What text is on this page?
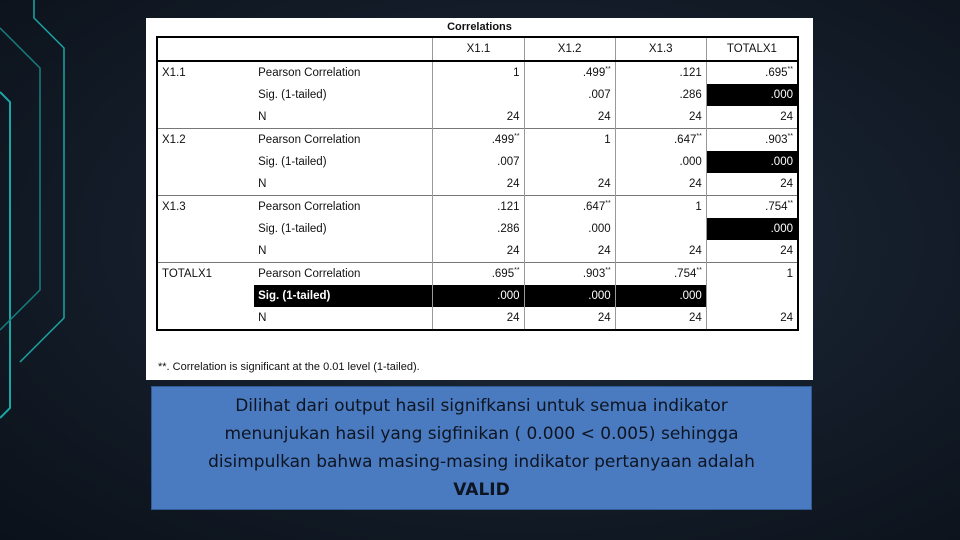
Correlations
		X1.1	X1.2	X1.3	TOTALX1
X1.1	Pearson Correlation	1	.499**	.121	.695**
	Sig. (1-tailed)		.007	.286	.000
	N	24	24	24	24
X1.2	Pearson Correlation	.499**	1	.647**	.903**
	Sig. (1-tailed)	.007		.000	.000
	N	24	24	24	24
X1.3	Pearson Correlation	.121	.647**	1	.754**
	Sig. (1-tailed)	.286	.000		.000
	N	24	24	24	24
TOTALX1	Pearson Correlation	.695**	.903**	.754**	1
	Sig. (1-tailed)	.000	.000	.000	
	N	24	24	24	24
**. Correlation is significant at the 0.01 level (1-tailed).
Dilihat dari output hasil signifkansi untuk semua indikator
menunjukan hasil yang sigfinikan ( 0.000 < 0.005) sehingga
disimpulkan bahwa masing-masing indikator pertanyaan adalah
VALID
